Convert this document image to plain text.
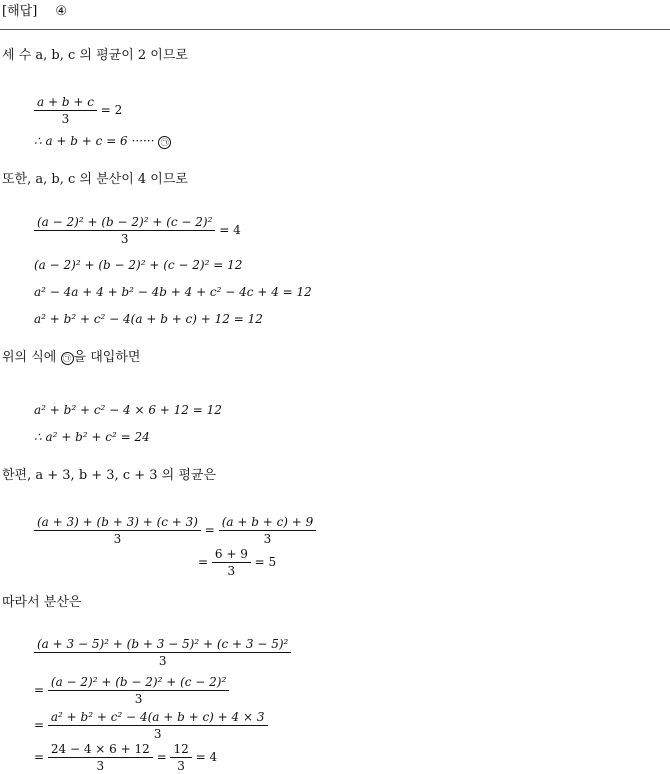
[해답] ④
세 수 a, b, c 의 평균이 2 이므로
$\frac{a + b + c}{3} = 2$
∴ a + b + c = 6 ······ ㉠
또한, a, b, c 의 분산이 4 이므로
$\frac{\text{(a − 2)² + (b − 2)² + (c − 2)²}}{3} = 4$
(a − 2)² + (b − 2)² + (c − 2)² = 12
a² − 4a + 4 + b² − 4b + 4 + c² − 4c + 4 = 12
a² + b² + c² − 4(a + b + c) + 12 = 12
위의 식에 ㉠ 을 대입하면
a² + b² + c² − 4 × 6 + 12 = 12
∴ a² + b² + c² = 24
한편, a + 3, b + 3, c + 3 의 평균은
$\frac{(a + 3) + (b + 3) + (c + 3)}{3} = \frac{(a + b + c) + 9}{3}$
= $\frac{6 + 9}{3} = 5$
따라서 분산은
$\frac{\text{(a + 3 − 5)² + (b + 3 − 5)² + (c + 3 − 5)²}}{3}$
= $\frac{\text{(a − 2)² + (b − 2)² + (c − 2)²}}{3}$
= $\frac{\text{a² + b² + c² − 4(a + b + c) + 4 × 3}}{3}$
= $\frac{24 - 4 \times 6 + 12}{3} = \frac{12}{3} = 4$
